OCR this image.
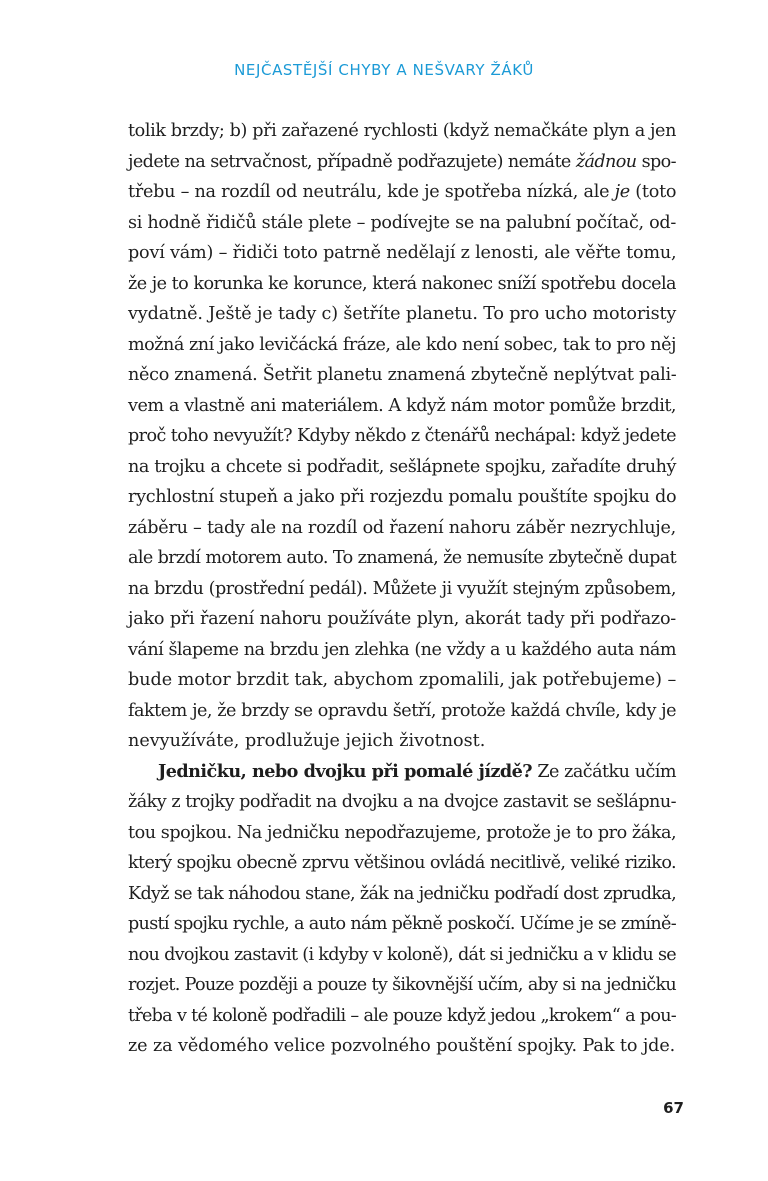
NEJČASTĚJŠÍ CHYBY A NEŠVARY ŽÁKŮ
tolik brzdy; b) při zařazené rychlosti (když nemačkáte plyn a jen
jedete na setrvačnost, případně podřazujete) nemáte žádnou spo-
třebu – na rozdíl od neutrálu, kde je spotřeba nízká, ale je (toto
si hodně řidičů stále plete – podívejte se na palubní počítač, od-
poví vám) – řidiči toto patrně nedělají z lenosti, ale věřte tomu,
že je to korunka ke korunce, která nakonec sníží spotřebu docela
vydatně. Ještě je tady c) šetříte planetu. To pro ucho motoristy
možná zní jako levičácká fráze, ale kdo není sobec, tak to pro něj
něco znamená. Šetřit planetu znamená zbytečně neplýtvat pali-
vem a vlastně ani materiálem. A když nám motor pomůže brzdit,
proč toho nevyužít? Kdyby někdo z čtenářů nechápal: když jedete
na trojku a chcete si podřadit, sešlápnete spojku, zařadíte druhý
rychlostní stupeň a jako při rozjezdu pomalu pouštíte spojku do
záběru – tady ale na rozdíl od řazení nahoru záběr nezrychluje,
ale brzdí motorem auto. To znamená, že nemusíte zbytečně dupat
na brzdu (prostřední pedál). Můžete ji využít stejným způsobem,
jako při řazení nahoru používáte plyn, akorát tady při podřazo-
vání šlapeme na brzdu jen zlehka (ne vždy a u každého auta nám
bude motor brzdit tak, abychom zpomalili, jak potřebujeme) –
faktem je, že brzdy se opravdu šetří, protože každá chvíle, kdy je
nevyužíváte, prodlužuje jejich životnost.
Jedničku, nebo dvojku při pomalé jízdě? Ze začátku učím
žáky z trojky podřadit na dvojku a na dvojce zastavit se sešlápnu-
tou spojkou. Na jedničku nepodřazujeme, protože je to pro žáka,
který spojku obecně zprvu většinou ovládá necitlivě, veliké riziko.
Když se tak náhodou stane, žák na jedničku podřadí dost zprudka,
pustí spojku rychle, a auto nám pěkně poskočí. Učíme je se zmíně-
nou dvojkou zastavit (i kdyby v koloně), dát si jedničku a v klidu se
rozjet. Pouze později a pouze ty šikovnější učím, aby si na jedničku
třeba v té koloně podřadili – ale pouze když jedou „krokem“ a pou-
ze za vědomého velice pozvolného pouštění spojky. Pak to jde.
67
